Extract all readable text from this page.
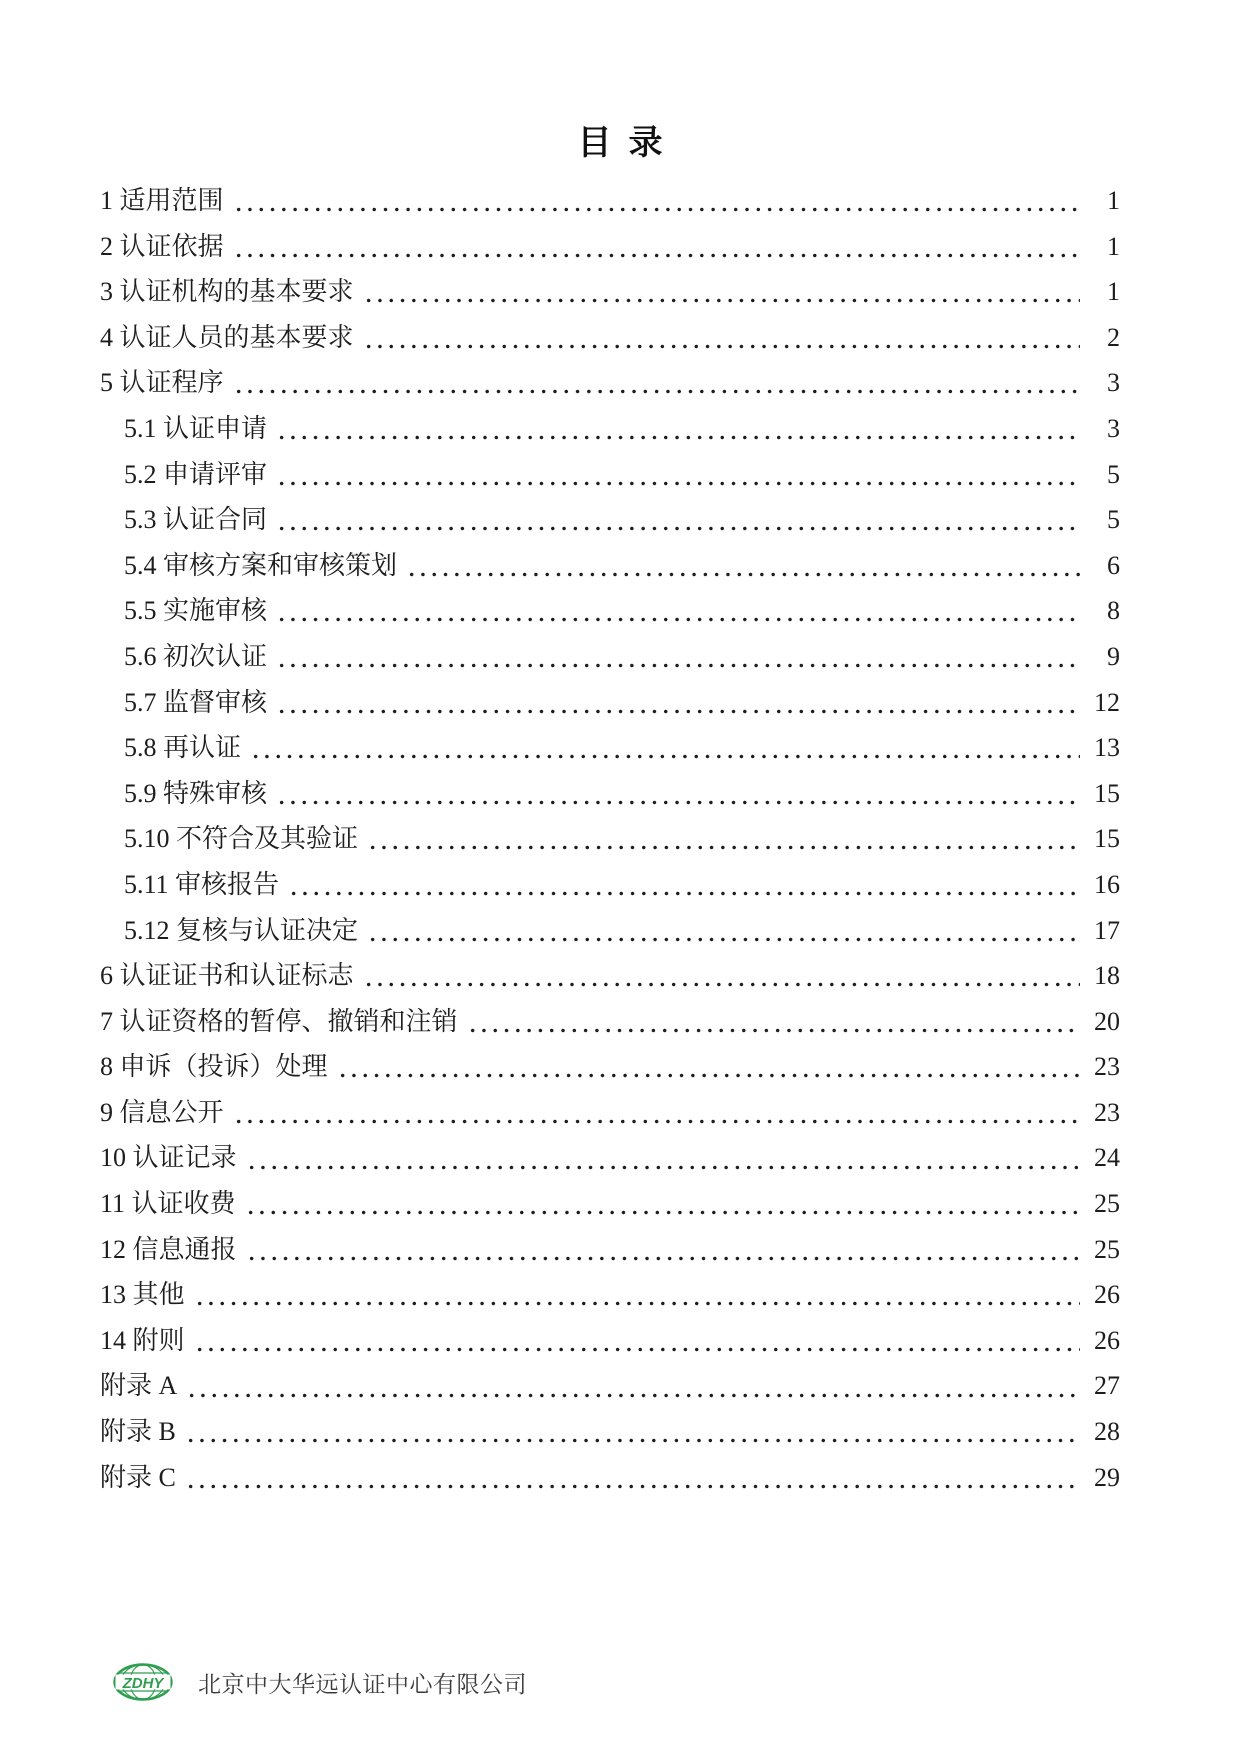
目  录
1 适用范围	1
2 认证依据	1
3 认证机构的基本要求	1
4 认证人员的基本要求	2
5 认证程序	3
5.1 认证申请	3
5.2 申请评审	5
5.3 认证合同	5
5.4 审核方案和审核策划	6
5.5 实施审核	8
5.6 初次认证	9
5.7 监督审核	12
5.8 再认证	13
5.9 特殊审核	15
5.10 不符合及其验证	15
5.11 审核报告	16
5.12 复核与认证决定	17
6 认证证书和认证标志	18
7 认证资格的暂停、撤销和注销	20
8 申诉（投诉）处理	23
9 信息公开	23
10 认证记录	24
11 认证收费	25
12 信息通报	25
13 其他	26
14 附则	26
附录 A	27
附录 B	28
附录 C	29
ZDHY 北京中大华远认证中心有限公司
